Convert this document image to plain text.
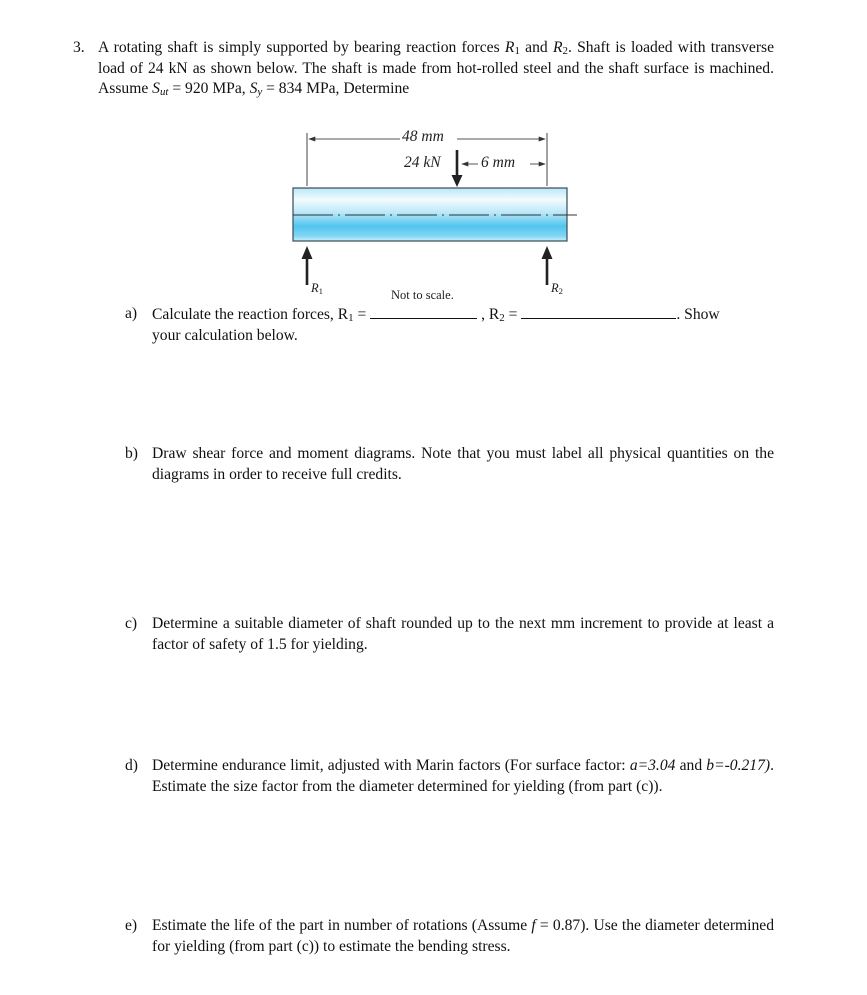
3. A rotating shaft is simply supported by bearing reaction forces $R_1$ and $R_2$. Shaft is loaded with transverse load of 24 kN as shown below. The shaft is made from hot-rolled steel and the shaft surface is machined. Assume $S_{ut} = 920$ MPa, $S_y = 834$ MPa, Determine
48 mm
24 kN	6 mm
$R_1$	$R_2$
Not to scale.
a) Calculate the reaction forces, $R_1$ =	, $R_2$ =	. Show
your calculation below.
b) Draw shear force and moment diagrams. Note that you must label all physical quantities on the diagrams in order to receive full credits.
c) Determine a suitable diameter of shaft rounded up to the next mm increment to provide at least a factor of safety of 1.5 for yielding.
d) Determine endurance limit, adjusted with Marin factors (For surface factor: a=3.04 and b=-0.217). Estimate the size factor from the diameter determined for yielding (from part (c)).
e) Estimate the life of the part in number of rotations (Assume f = 0.87). Use the diameter determined for yielding (from part (c)) to estimate the bending stress.
